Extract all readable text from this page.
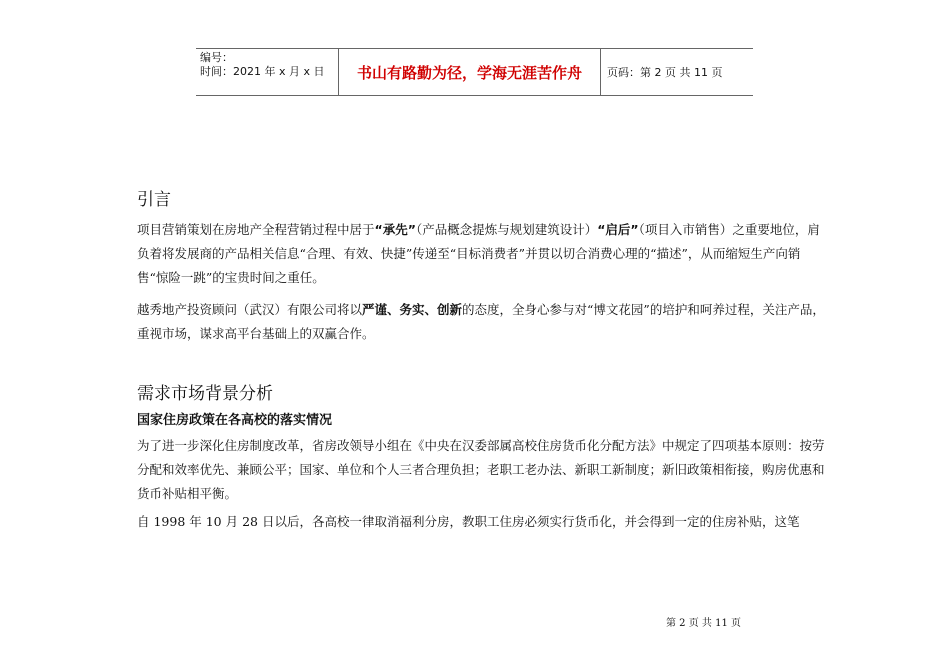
编号：
时间：2021 年 x 月 x 日	书山有路勤为径，学海无涯苦作舟	页码：第 2 页 共 11 页
引言

项目营销策划在房地产全程营销过程中居于“承先”（产品概念提炼与规划建筑设计）“启后”（项目入市销售）之重要地位，肩负着将发展商的产品相关信息“合理、有效、快捷”传递至“目标消费者”并贯以切合消费心理的“描述”，从而缩短生产向销售“惊险一跳”的宝贵时间之重任。

越秀地产投资顾问（武汉）有限公司将以严谨、务实、创新的态度，全身心参与对“博文花园”的培护和呵养过程，关注产品，重视市场，谋求高平台基础上的双赢合作。

需求市场背景分析
国家住房政策在各高校的落实情况

为了进一步深化住房制度改革，省房改领导小组在《中央在汉委部属高校住房货币化分配方法》中规定了四项基本原则：按劳分配和效率优先、兼顾公平；国家、单位和个人三者合理负担；老职工老办法、新职工新制度；新旧政策相衔接，购房优惠和货币补贴相平衡。

自 1998 年 10 月 28 日以后，各高校一律取消福利分房，教职工住房必须实行货币化，并会得到一定的住房补贴，这笔

第 2 页 共 11 页
